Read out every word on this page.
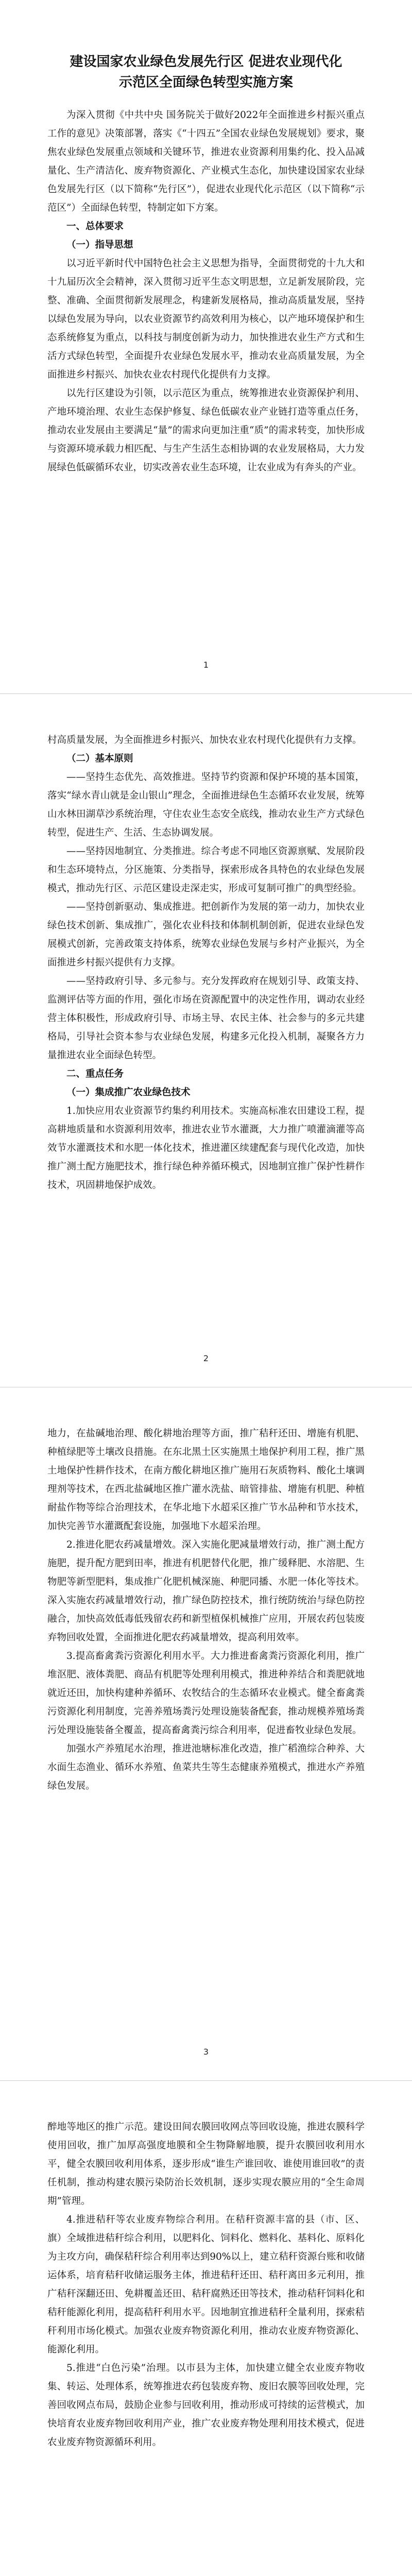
建设国家农业绿色发展先行区 促进农业现代化
示范区全面绿色转型实施方案

为深入贯彻《中共中央 国务院关于做好2022年全面推进乡村振兴重点工作的意见》决策部署，落实《“十四五”全国农业绿色发展规划》要求，聚焦农业绿色发展重点领域和关键环节，推进农业资源利用集约化、投入品减量化、生产清洁化、废弃物资源化、产业模式生态化，加快建设国家农业绿色发展先行区（以下简称“先行区”），促进农业现代化示范区（以下简称“示范区”）全面绿色转型，特制定如下方案。

一、总体要求

（一）指导思想

以习近平新时代中国特色社会主义思想为指导，全面贯彻党的十九大和十九届历次全会精神，深入贯彻习近平生态文明思想，立足新发展阶段，完整、准确、全面贯彻新发展理念，构建新发展格局，推动高质量发展，坚持以绿色发展为导向，以农业资源节约高效利用为核心，以产地环境保护和生态系统修复为重点，以科技与制度创新为动力，加快推进农业生产方式和生活方式绿色转型，全面提升农业绿色发展水平，推动农业高质量发展，为全面推进乡村振兴、加快农业农村现代化提供有力支撑。

以先行区建设为引领，以示范区为重点，统筹推进农业资源保护利用、产地环境治理、农业生态保护修复、绿色低碳农业产业链打造等重点任务，推动农业发展由主要满足“量”的需求向更加注重“质”的需求转变，加快形成与资源环境承载力相匹配、与生产生活生态相协调的农业发展格局，大力发展绿色低碳循环农业，切实改善农业生态环境，让农业成为有奔头的产业。

1

村高质量发展，为全面推进乡村振兴、加快农业农村现代化提供有力支撑。

（二）基本原则

——坚持生态优先、高效推进。坚持节约资源和保护环境的基本国策，落实“绿水青山就是金山银山”理念，全面推进绿色生态循环农业发展，统筹山水林田湖草沙系统治理，守住农业生态安全底线，推动农业生产方式绿色转型，促进生产、生活、生态协调发展。

——坚持因地制宜、分类推进。综合考虑不同地区资源禀赋、发展阶段和生态环境特点，分区施策、分类指导，探索形成各具特色的农业绿色发展模式，推动先行区、示范区建设走深走实，形成可复制可推广的典型经验。

——坚持创新驱动、集成推进。把创新作为发展的第一动力，加快农业绿色技术创新、集成推广，强化农业科技和体制机制创新，促进农业绿色发展模式创新，完善政策支持体系，统筹农业绿色发展与乡村产业振兴，为全面推进乡村振兴提供有力支撑。

——坚持政府引导、多元参与。充分发挥政府在规划引导、政策支持、监测评估等方面的作用，强化市场在资源配置中的决定性作用，调动农业经营主体积极性，形成政府引导、市场主导、农民主体、社会参与的多元共建格局，引导社会资本参与农业绿色发展，构建多元化投入机制，凝聚各方力量推进农业全面绿色转型。

二、重点任务

（一）集成推广农业绿色技术

1.加快应用农业资源节约集约利用技术。实施高标准农田建设工程，提高耕地质量和水资源利用效率，推进农业节水灌溉，大力推广喷灌滴灌等高效节水灌溉技术和水肥一体化技术，推进灌区续建配套与现代化改造，加快推广测土配方施肥技术，推行绿色种养循环模式，因地制宜推广保护性耕作技术，巩固耕地保护成效。

2

地力，在盐碱地治理、酸化耕地治理等方面，推广秸秆还田、增施有机肥、种植绿肥等土壤改良措施。在东北黑土区实施黑土地保护利用工程，推广黑土地保护性耕作技术，在南方酸化耕地区推广施用石灰质物料、酸化土壤调理剂等技术，在西北盐碱地区推广灌水洗盐、暗管排盐、增施有机肥、种植耐盐作物等综合治理技术，在华北地下水超采区推广节水品种和节水技术，加快完善节水灌溉配套设施，加强地下水超采治理。

2.推进化肥农药减量增效。深入实施化肥减量增效行动，推广测土配方施肥，提升配方肥到田率，推进有机肥替代化肥，推广缓释肥、水溶肥、生物肥等新型肥料，集成推广化肥机械深施、种肥同播、水肥一体化等技术。深入实施农药减量增效行动，推广绿色防控技术，推行统防统治与绿色防控融合，加快高效低毒低残留农药和新型植保机械推广应用，开展农药包装废弃物回收处置，全面推进化肥农药减量增效，提高利用效率。

3.提高畜禽粪污资源化利用水平。大力推进畜禽粪污资源化利用，推广堆沤肥、液体粪肥、商品有机肥等处理利用模式，推进种养结合和粪肥就地就近还田，加快构建种养循环、农牧结合的生态循环农业模式。健全畜禽粪污资源化利用制度，完善养殖场粪污处理设施装备配套，推动规模养殖场粪污处理设施装备全覆盖，提高畜禽粪污综合利用率，促进畜牧业绿色发展。

加强水产养殖尾水治理，推进池塘标准化改造，推广稻渔综合种养、大水面生态渔业、循环水养殖、鱼菜共生等生态健康养殖模式，推进水产养殖绿色发展。

3

醉地等地区的推广示范。建设田间农膜回收网点等回收设施，推进农膜科学使用回收，推广加厚高强度地膜和全生物降解地膜，提升农膜回收利用水平，健全农膜回收利用体系，逐步形成“谁生产谁回收、谁使用谁回收”的责任机制，推动构建农膜污染防治长效机制，逐步实现农膜应用的“全生命周期”管理。

4.推进秸秆等农业废弃物综合利用。在秸秆资源丰富的县（市、区、旗）全域推进秸秆综合利用，以肥料化、饲料化、燃料化、基料化、原料化为主攻方向，确保秸秆综合利用率达到90%以上，建立秸秆资源台账和收储运体系，培育秸秆收储运服务主体，推进秸秆还田、秸秆离田多元利用，推广秸秆深翻还田、免耕覆盖还田、秸秆腐熟还田等技术，推动秸秆饲料化和秸秆能源化利用，提高秸秆利用水平。因地制宜推进秸秆全量利用，探索秸秆利用市场化模式。加强农业废弃物资源化利用，推动农业废弃物资源化、能源化利用。

5.推进“白色污染”治理。以市县为主体，加快建立健全农业废弃物收集、转运、处理体系，统筹推进农药包装废弃物、废旧农膜等回收处理，完善回收网点布局，鼓励企业参与回收利用，推动形成可持续的运营模式，加快培育农业废弃物回收利用产业，推广农业废弃物处理利用技术模式，促进农业废弃物资源循环利用。
